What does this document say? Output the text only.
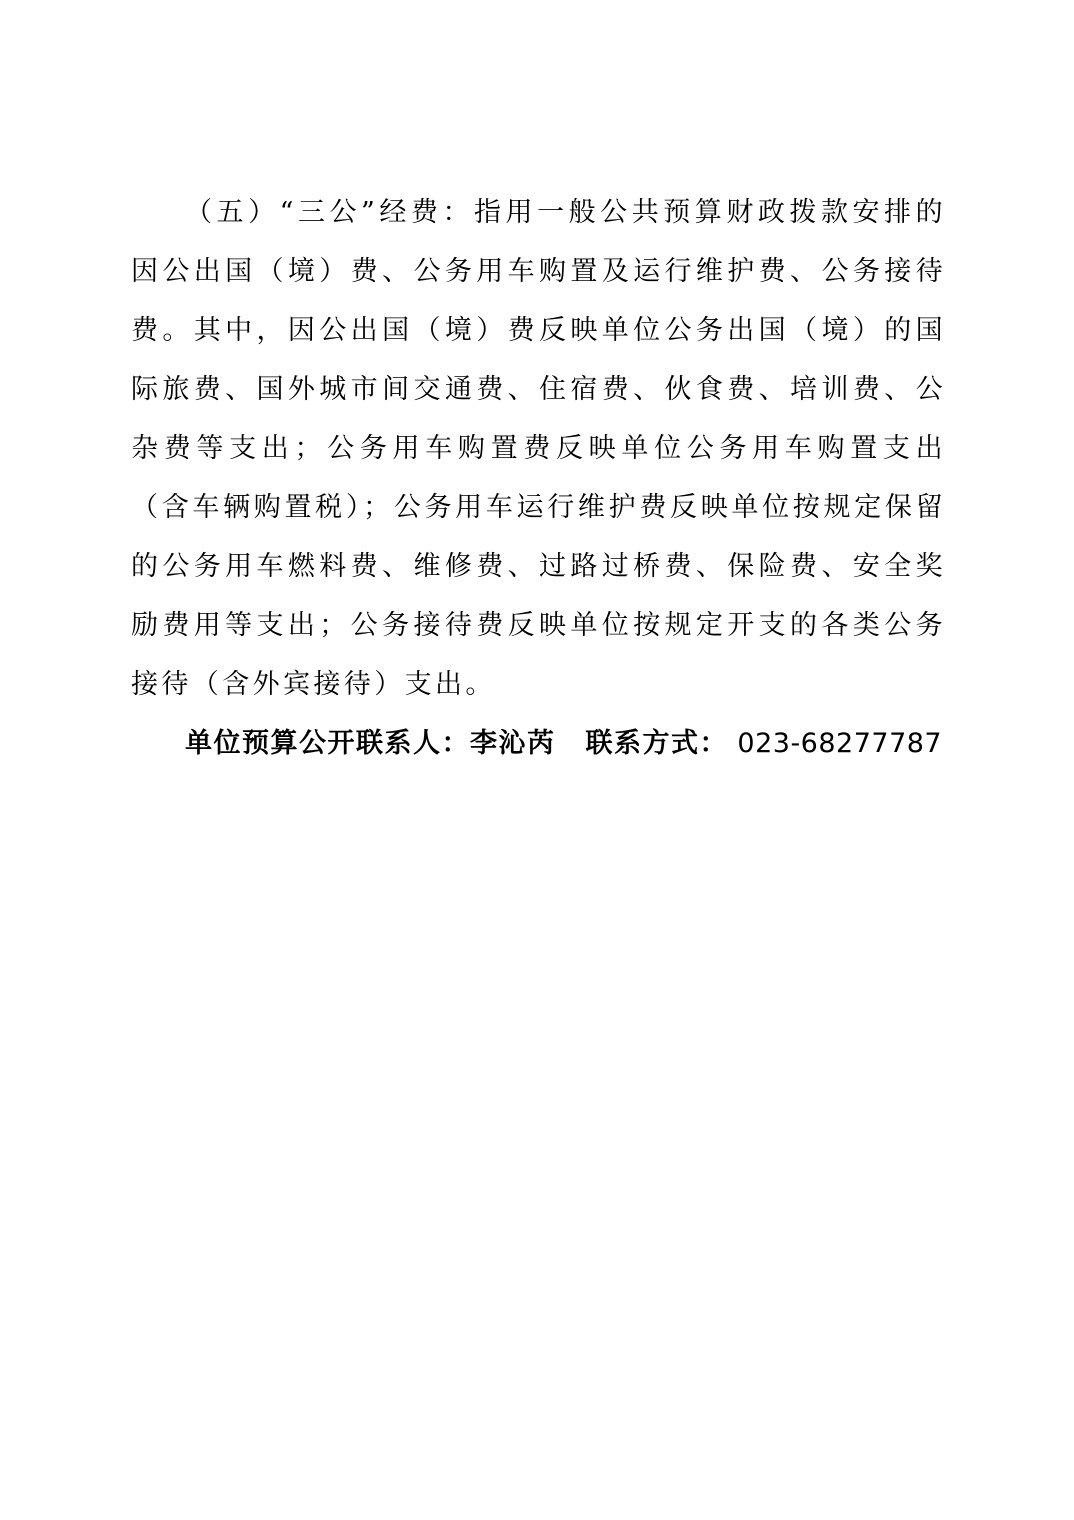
（五）“三公”经费：指用一般公共预算财政拨款安排的因公出国（境）费、公务用车购置及运行维护费、公务接待费。其中，因公出国（境）费反映单位公务出国（境）的国际旅费、国外城市间交通费、住宿费、伙食费、培训费、公杂费等支出；公务用车购置费反映单位公务用车购置支出（含车辆购置税）；公务用车运行维护费反映单位按规定保留的公务用车燃料费、维修费、过路过桥费、保险费、安全奖励费用等支出；公务接待费反映单位按规定开支的各类公务接待（含外宾接待）支出。

单位预算公开联系人：李沁芮 联系方式： 023-68277787
